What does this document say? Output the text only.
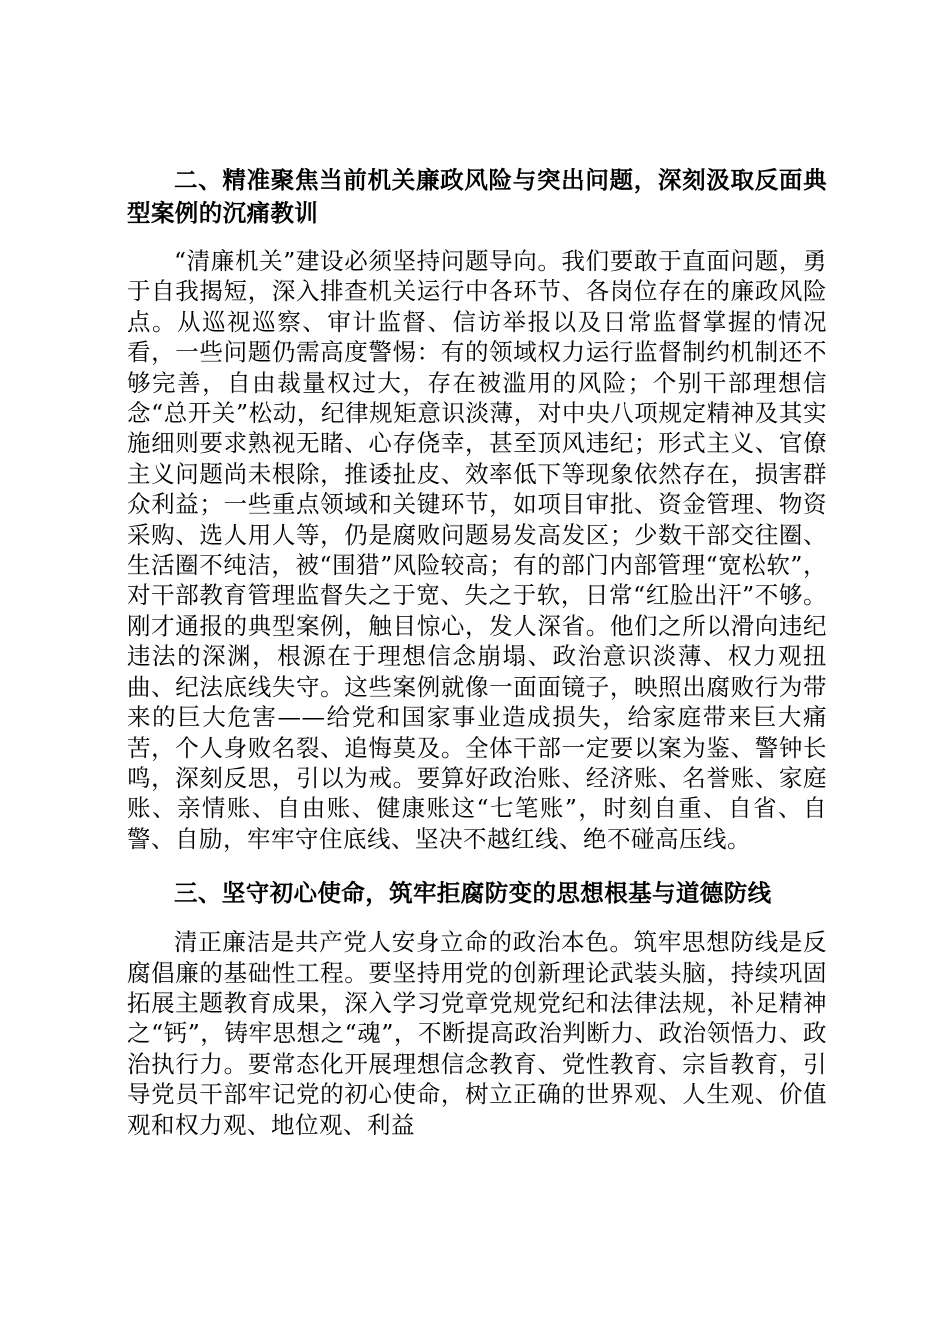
二、精准聚焦当前机关廉政风险与突出问题，深刻汲取反面典型案例的沉痛教训

“清廉机关”建设必须坚持问题导向。我们要敢于直面问题，勇于自我揭短，深入排查机关运行中各环节、各岗位存在的廉政风险点。从巡视巡察、审计监督、信访举报以及日常监督掌握的情况看，一些问题仍需高度警惕：有的领域权力运行监督制约机制还不够完善，自由裁量权过大，存在被滥用的风险；个别干部理想信念“总开关”松动，纪律规矩意识淡薄，对中央八项规定精神及其实施细则要求熟视无睹、心存侥幸，甚至顶风违纪；形式主义、官僚主义问题尚未根除，推诿扯皮、效率低下等现象依然存在，损害群众利益；一些重点领域和关键环节，如项目审批、资金管理、物资采购、选人用人等，仍是腐败问题易发高发区；少数干部交往圈、生活圈不纯洁，被“围猎”风险较高；有的部门内部管理“宽松软”，对干部教育管理监督失之于宽、失之于软，日常“红脸出汗”不够。刚才通报的典型案例，触目惊心，发人深省。他们之所以滑向违纪违法的深渊，根源在于理想信念崩塌、政治意识淡薄、权力观扭曲、纪法底线失守。这些案例就像一面面镜子，映照出腐败行为带来的巨大危害——给党和国家事业造成损失，给家庭带来巨大痛苦，个人身败名裂、追悔莫及。全体干部一定要以案为鉴、警钟长鸣，深刻反思，引以为戒。要算好政治账、经济账、名誉账、家庭账、亲情账、自由账、健康账这“七笔账”，时刻自重、自省、自警、自励，牢牢守住底线、坚决不越红线、绝不碰高压线。

三、坚守初心使命，筑牢拒腐防变的思想根基与道德防线

清正廉洁是共产党人安身立命的政治本色。筑牢思想防线是反腐倡廉的基础性工程。要坚持用党的创新理论武装头脑，持续巩固拓展主题教育成果，深入学习党章党规党纪和法律法规，补足精神之“钙”，铸牢思想之“魂”，不断提高政治判断力、政治领悟力、政治执行力。要常态化开展理想信念教育、党性教育、宗旨教育，引导党员干部牢记党的初心使命，树立正确的世界观、人生观、价值观和权力观、地位观、利益
